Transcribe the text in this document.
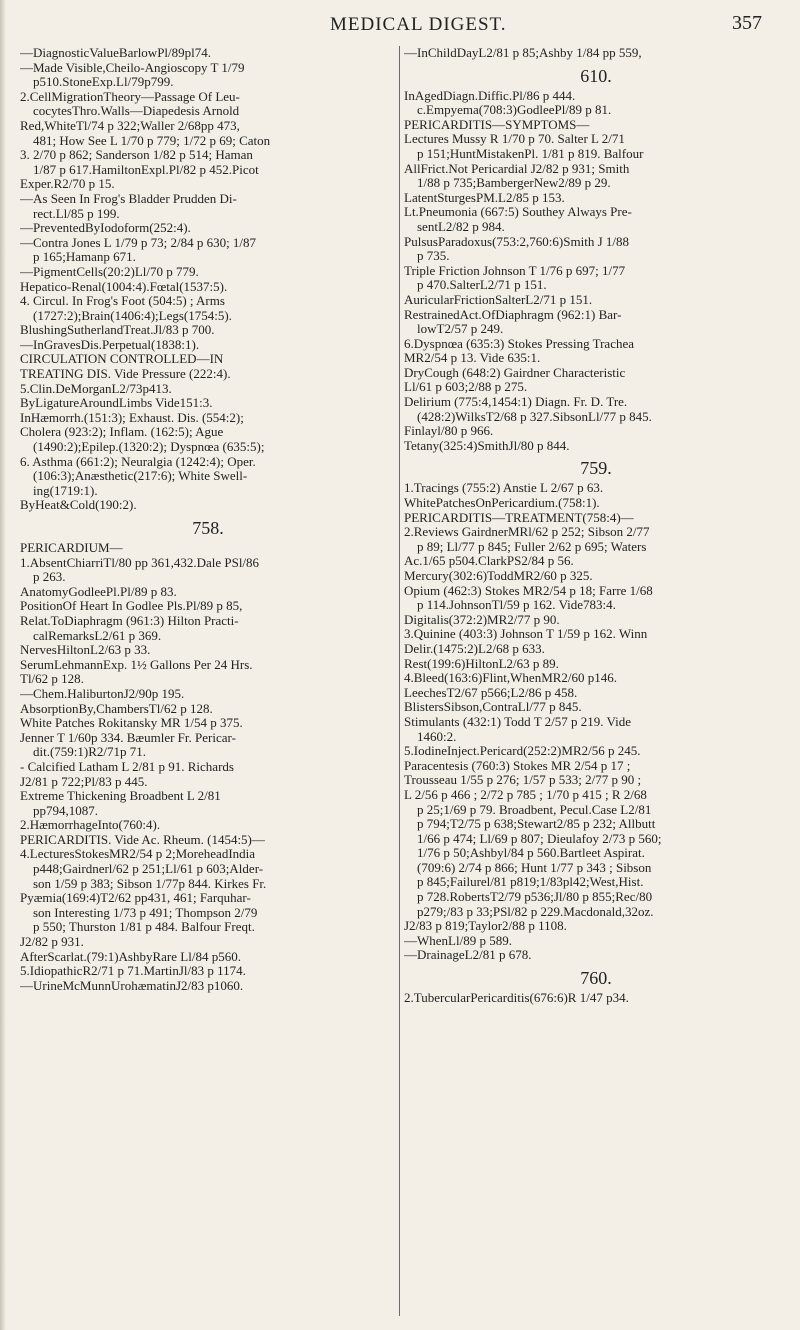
MEDICAL DIGEST.	357
—DiagnosticValueBarlowPl/89pl74.
—Made Visible,Cheilo-Angioscopy T 1/79
p510.StoneExp.Ll/79p799.
2.CellMigrationTheory—Passage Of Leu-
cocytesThro.Walls—Diapedesis Arnold
Red,WhiteTl/74 p 322;Waller 2/68pp 473,
481; How See L 1/70 p 779; 1/72 p 69; Caton
3. 2/70 p 862; Sanderson 1/82 p 514; Haman
1/87 p 617.HamiltonExpl.Pl/82 p 452.Picot
Exper.R2/70 p 15.
—As Seen In Frog's Bladder Prudden Di-
rect.Ll/85 p 199.
—PreventedByIodoform(252:4).
—Contra Jones L 1/79 p 73; 2/84 p 630; 1/87
p 165;Hamanp 671.
—PigmentCells(20:2)Ll/70 p 779.
Hepatico-Renal(1004:4).Fœtal(1537:5).
4. Circul. In Frog's Foot (504:5) ; Arms
(1727:2);Brain(1406:4);Legs(1754:5).
BlushingSutherlandTreat.Jl/83 p 700.
—InGravesDis.Perpetual(1838:1).
CIRCULATION CONTROLLED—IN
TREATING DIS. Vide Pressure (222:4).
5.Clin.DeMorganL2/73p413.
ByLigatureAroundLimbs Vide151:3.
InHæmorrh.(151:3); Exhaust. Dis. (554:2);
Cholera (923:2); Inflam. (162:5); Ague
(1490:2);Epilep.(1320:2); Dyspnœa (635:5);
6. Asthma (661:2); Neuralgia (1242:4); Oper.
(106:3);Anæsthetic(217:6); White Swell-
ing(1719:1).
ByHeat&Cold(190:2).
758.
PERICARDIUM—
1.AbsentChiarriTl/80 pp 361,432.Dale PSl/86
p 263.
AnatomyGodleePl.Pl/89 p 83.
PositionOf Heart In Godlee Pls.Pl/89 p 85,
Relat.ToDiaphragm (961:3) Hilton Practi-
calRemarksL2/61 p 369.
NervesHiltonL2/63 p 33.
SerumLehmannExp. 1½ Gallons Per 24 Hrs.
Tl/62 p 128.
—Chem.HaliburtonJ2/90p 195.
AbsorptionBy,ChambersTl/62 p 128.
White Patches Rokitansky MR 1/54 p 375.
Jenner T 1/60p 334. Bæumler Fr. Pericar-
dit.(759:1)R2/71p 71.
- Calcified Latham L 2/81 p 91. Richards
J2/81 p 722;Pl/83 p 445.
Extreme Thickening Broadbent L 2/81
pp794,1087.
2.HæmorrhageInto(760:4).
PERICARDITIS. Vide Ac. Rheum. (1454:5)—
4.LecturesStokesMR2/54 p 2;MoreheadIndia
p448;Gairdnerl/62 p 251;Ll/61 p 603;Alder-
son 1/59 p 383; Sibson 1/77p 844. Kirkes Fr.
Pyæmia(169:4)T2/62 pp431, 461; Farquhar-
son Interesting 1/73 p 491; Thompson 2/79
p 550; Thurston 1/81 p 484. Balfour Freqt.
J2/82 p 931.
AfterScarlat.(79:1)AshbyRare Ll/84 p560.
5.IdiopathicR2/71 p 71.MartinJl/83 p 1174.
—UrineMcMunnUrohæmatinJ2/83 p1060.
—InChildDayL2/81 p 85;Ashby 1/84 pp 559,
610.
InAgedDiagn.Diffic.Pl/86 p 444.
c.Empyema(708:3)GodleePl/89 p 81.
PERICARDITIS—SYMPTOMS—
Lectures Mussy R 1/70 p 70. Salter L 2/71
p 151;HuntMistakenPl. 1/81 p 819. Balfour
AllFrict.Not Pericardial J2/82 p 931; Smith
1/88 p 735;BambergerNew2/89 p 29.
LatentSturgesPM.L2/85 p 153.
Lt.Pneumonia (667:5) Southey Always Pre-
sentL2/82 p 984.
PulsusParadoxus(753:2,760:6)Smith J 1/88
p 735.
Triple Friction Johnson T 1/76 p 697; 1/77
p 470.SalterL2/71 p 151.
AuricularFrictionSalterL2/71 p 151.
RestrainedAct.OfDiaphragm (962:1) Bar-
lowT2/57 p 249.
6.Dyspnœa (635:3) Stokes Pressing Trachea
MR2/54 p 13. Vide 635:1.
DryCough (648:2) Gairdner Characteristic
Ll/61 p 603;2/88 p 275.
Delirium (775:4,1454:1) Diagn. Fr. D. Tre.
(428:2)WilksT2/68 p 327.SibsonLl/77 p 845.
Finlayl/80 p 966.
Tetany(325:4)SmithJl/80 p 844.
759.
1.Tracings (755:2) Anstie L 2/67 p 63.
WhitePatchesOnPericardium.(758:1).
PERICARDITIS—TREATMENT(758:4)—
2.Reviews GairdnerMRl/62 p 252; Sibson 2/77
p 89; Ll/77 p 845; Fuller 2/62 p 695; Waters
Ac.1/65 p504.ClarkPS2/84 p 56.
Mercury(302:6)ToddMR2/60 p 325.
Opium (462:3) Stokes MR2/54 p 18; Farre 1/68
p 114.JohnsonTl/59 p 162. Vide783:4.
Digitalis(372:2)MR2/77 p 90.
3.Quinine (403:3) Johnson T 1/59 p 162. Winn
Delir.(1475:2)L2/68 p 633.
Rest(199:6)HiltonL2/63 p 89.
4.Bleed(163:6)Flint,WhenMR2/60 p146.
LeechesT2/67 p566;L2/86 p 458.
BlistersSibson,ContraLl/77 p 845.
Stimulants (432:1) Todd T 2/57 p 219. Vide
1460:2.
5.IodineInject.Pericard(252:2)MR2/56 p 245.
Paracentesis (760:3) Stokes MR 2/54 p 17 ;
Trousseau 1/55 p 276; 1/57 p 533; 2/77 p 90 ;
L 2/56 p 466 ; 2/72 p 785 ; 1/70 p 415 ; R 2/68
p 25;1/69 p 79. Broadbent, Pecul.Case L2/81
p 794;T2/75 p 638;Stewart2/85 p 232; Allbutt
1/66 p 474; Ll/69 p 807; Dieulafoy 2/73 p 560;
1/76 p 50;Ashbyl/84 p 560.Bartleet Aspirat.
(709:6) 2/74 p 866; Hunt 1/77 p 343 ; Sibson
p 845;Failurel/81 p819;1/83pl42;West,Hist.
p 728.RobertsT2/79 p536;Jl/80 p 855;Rec/80
p279;/83 p 33;PSl/82 p 229.Macdonald,32oz.
J2/83 p 819;Taylor2/88 p 1108.
—WhenLl/89 p 589.
—DrainageL2/81 p 678.
760.
2.TubercularPericarditis(676:6)R 1/47 p34.
